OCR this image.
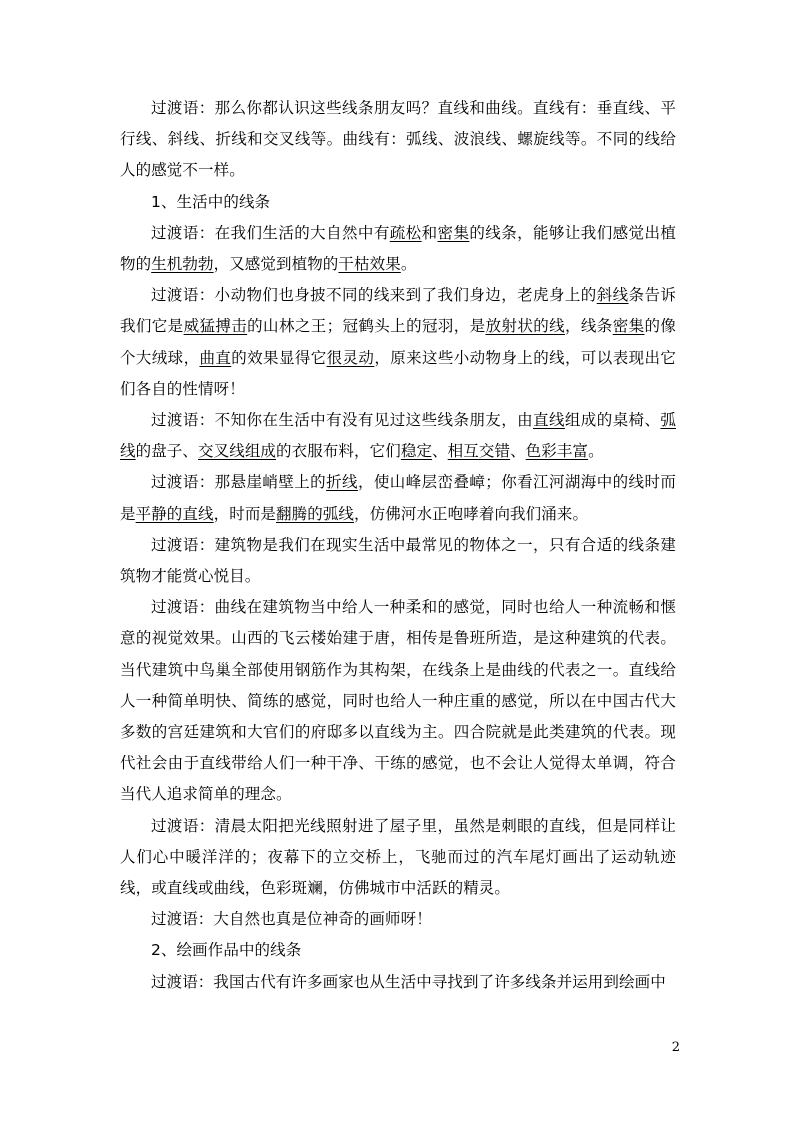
过渡语：那么你都认识这些线条朋友吗？直线和曲线。直线有：垂直线、平行线、斜线、折线和交叉线等。曲线有：弧线、波浪线、螺旋线等。不同的线给人的感觉不一样。

1、生活中的线条

过渡语：在我们生活的大自然中有疏松和密集的线条，能够让我们感觉出植物的生机勃勃，又感觉到植物的干枯效果。

过渡语：小动物们也身披不同的线来到了我们身边，老虎身上的斜线条告诉我们它是威猛搏击的山林之王；冠鹤头上的冠羽，是放射状的线，线条密集的像个大绒球，曲直的效果显得它很灵动，原来这些小动物身上的线，可以表现出它们各自的性情呀！

过渡语：不知你在生活中有没有见过这些线条朋友，由直线组成的桌椅、弧线的盘子、交叉线组成的衣服布料，它们稳定、相互交错、色彩丰富。

过渡语：那悬崖峭壁上的折线，使山峰层峦叠嶂；你看江河湖海中的线时而是平静的直线，时而是翻腾的弧线，仿佛河水正咆哮着向我们涌来。

过渡语：建筑物是我们在现实生活中最常见的物体之一，只有合适的线条建筑物才能赏心悦目。

过渡语：曲线在建筑物当中给人一种柔和的感觉，同时也给人一种流畅和惬意的视觉效果。山西的飞云楼始建于唐，相传是鲁班所造，是这种建筑的代表。当代建筑中鸟巢全部使用钢筋作为其构架，在线条上是曲线的代表之一。直线给人一种简单明快、简练的感觉，同时也给人一种庄重的感觉，所以在中国古代大多数的宫廷建筑和大官们的府邸多以直线为主。四合院就是此类建筑的代表。现代社会由于直线带给人们一种干净、干练的感觉，也不会让人觉得太单调，符合当代人追求简单的理念。

过渡语：清晨太阳把光线照射进了屋子里，虽然是刺眼的直线，但是同样让人们心中暖洋洋的；夜幕下的立交桥上，飞驰而过的汽车尾灯画出了运动轨迹线，或直线或曲线，色彩斑斓，仿佛城市中活跃的精灵。

过渡语：大自然也真是位神奇的画师呀！

2、绘画作品中的线条

过渡语：我国古代有许多画家也从生活中寻找到了许多线条并运用到绘画中

2
